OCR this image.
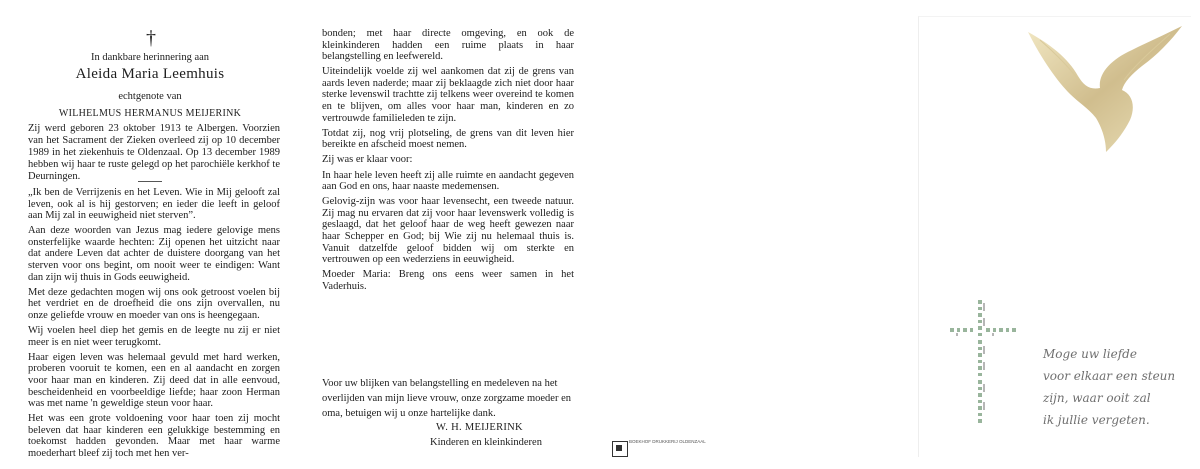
†
In dankbare herinnering aan
Aleida Maria Leemhuis
echtgenote van
WILHELMUS HERMANUS MEIJERINK

Zij werd geboren 23 oktober 1913 te Albergen. Voorzien van het Sacrament der Zieken overleed zij op 10 december 1989 in het ziekenhuis te Oldenzaal. Op 13 december 1989 hebben wij haar te ruste gelegd op het parochiële kerkhof te Deurningen.

„Ik ben de Verrijzenis en het Leven. Wie in Mij gelooft zal leven, ook al is hij gestorven; en ieder die leeft in geloof aan Mij zal in eeuwigheid niet sterven”.

Aan deze woorden van Jezus mag iedere gelovige mens onsterfelijke waarde hechten: Zij openen het uitzicht naar dat andere Leven dat achter de duistere doorgang van het sterven voor ons begint, om nooit weer te eindigen: Want dan zijn wij thuis in Gods eeuwigheid.

Met deze gedachten mogen wij ons ook getroost voelen bij het verdriet en de droefheid die ons zijn overvallen, nu onze geliefde vrouw en moeder van ons is heengegaan.

Wij voelen heel diep het gemis en de leegte nu zij er niet meer is en niet weer terugkomt.

Haar eigen leven was helemaal gevuld met hard werken, proberen vooruit te komen, een en al aandacht en zorgen voor haar man en kinderen. Zij deed dat in alle eenvoud, bescheidenheid en voorbeeldige liefde; haar zoon Herman was met name 'n geweldige steun voor haar.

Het was een grote voldoening voor haar toen zij mocht beleven dat haar kinderen een gelukkige bestemming en toekomst hadden gevonden. Maar met haar warme moederhart bleef zij toch met hen ver-

bonden; met haar directe omgeving, en ook de kleinkinderen hadden een ruime plaats in haar belangstelling en leefwereld.

Uiteindelijk voelde zij wel aankomen dat zij de grens van aards leven naderde; maar zij beklaagde zich niet door haar sterke levenswil trachtte zij telkens weer overeind te komen en te blijven, om alles voor haar man, kinderen en zo vertrouwde familieleden te zijn.

Totdat zij, nog vrij plotseling, de grens van dit leven hier bereikte en afscheid moest nemen.

Zij was er klaar voor:

In haar hele leven heeft zij alle ruimte en aandacht gegeven aan God en ons, haar naaste medemensen.

Gelovig-zijn was voor haar levensecht, een tweede natuur. Zij mag nu ervaren dat zij voor haar levenswerk volledig is geslaagd, dat het geloof haar de weg heeft gewezen naar haar Schepper en God; bij Wie zij nu helemaal thuis is. Vanuit datzelfde geloof bidden wij om sterkte en vertrouwen op een wederziens in eeuwigheid.

Moeder Maria: Breng ons eens weer samen in het Vaderhuis.

Voor uw blijken van belangstelling en medeleven na het overlijden van mijn lieve vrouw, onze zorgzame moeder en oma, betuigen wij u onze hartelijke dank.

W. H. MEIJERINK
Kinderen en kleinkinderen	BOEKHOF DRUKKERIJ OLDENZAAL

Moge uw liefde
voor elkaar een steun
zijn, waar ooit zal
ik jullie vergeten.
